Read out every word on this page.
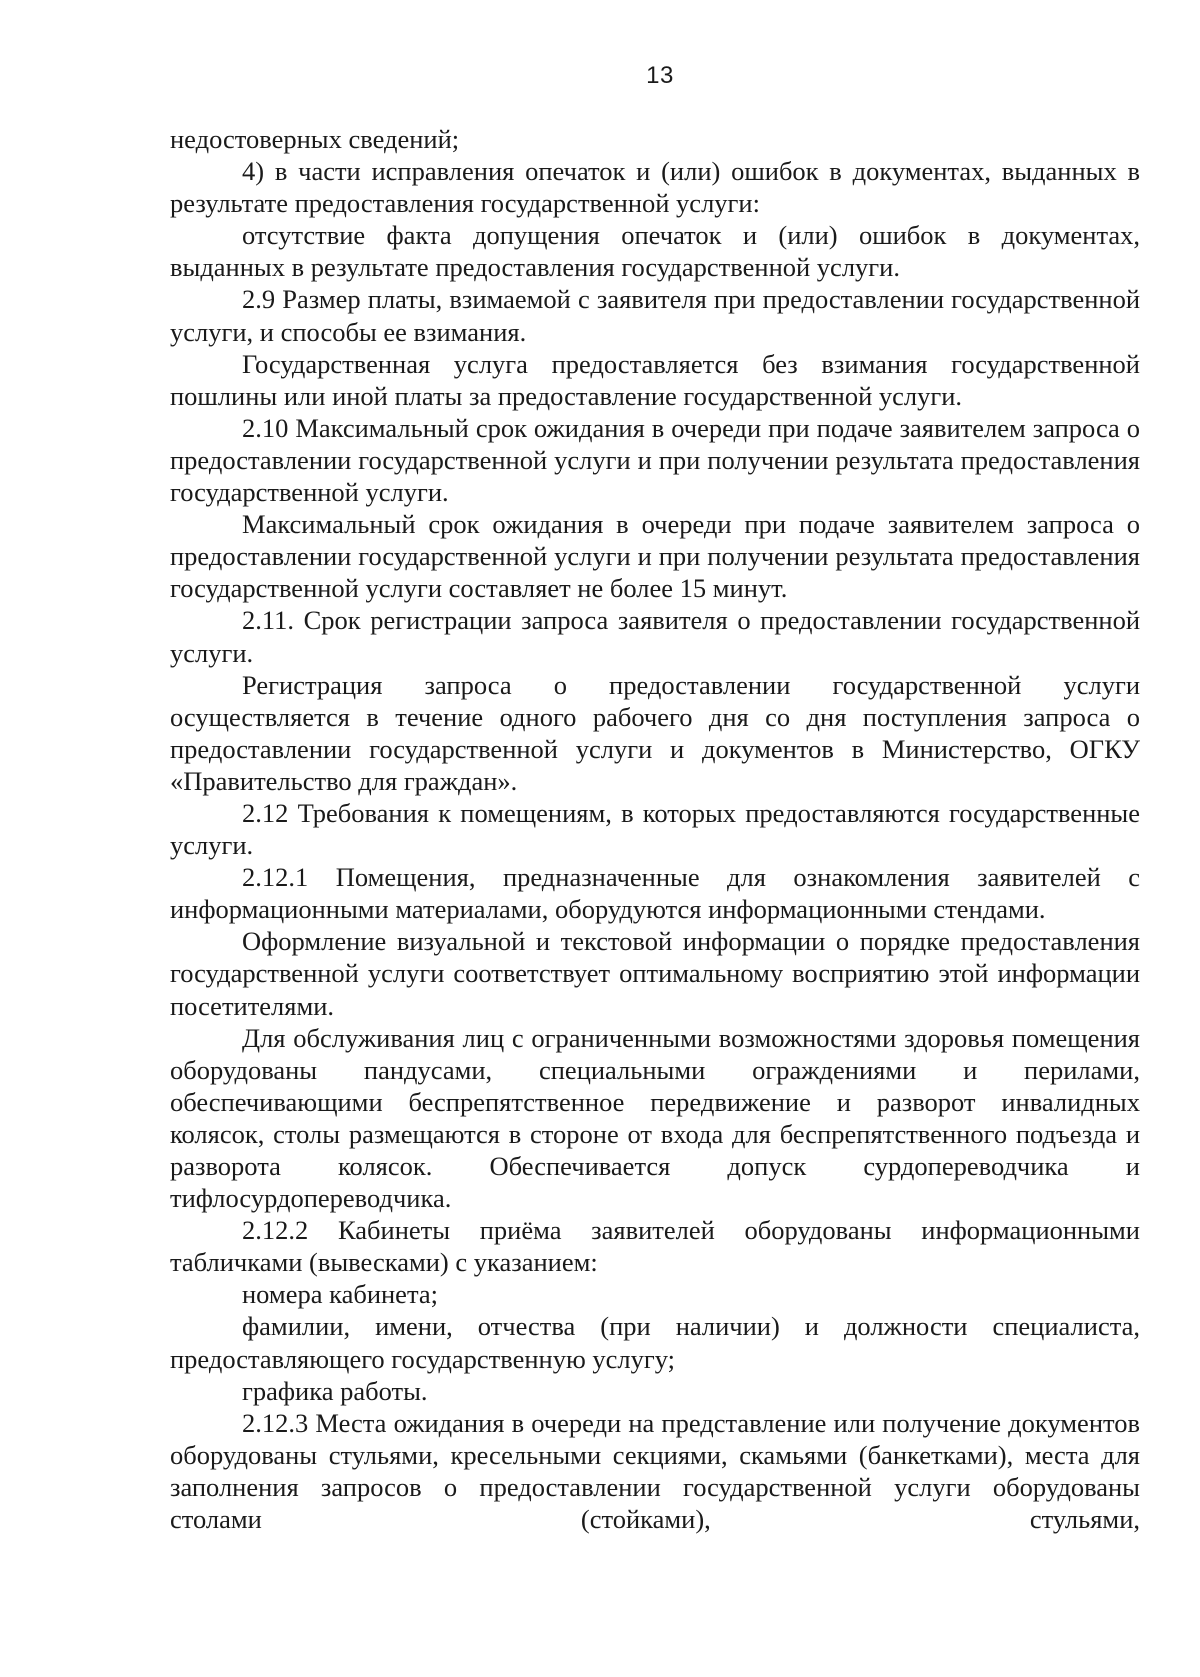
13

недостоверных сведений;

4) в части исправления опечаток и (или) ошибок в документах, выданных в результате предоставления государственной услуги:

отсутствие факта допущения опечаток и (или) ошибок в документах, выданных в результате предоставления государственной услуги.

2.9 Размер платы, взимаемой с заявителя при предоставлении государственной услуги, и способы ее взимания.

Государственная услуга предоставляется без взимания государственной пошлины или иной платы за предоставление государственной услуги.

2.10 Максимальный срок ожидания в очереди при подаче заявителем запроса о предоставлении государственной услуги и при получении результата предоставления государственной услуги.

Максимальный срок ожидания в очереди при подаче заявителем запроса о предоставлении государственной услуги и при получении результата предоставления государственной услуги составляет не более 15 минут.

2.11. Срок регистрации запроса заявителя о предоставлении государственной услуги.

Регистрация запроса о предоставлении государственной услуги осуществляется в течение одного рабочего дня со дня поступления запроса о предоставлении государственной услуги и документов в Министерство, ОГКУ «Правительство для граждан».

2.12 Требования к помещениям, в которых предоставляются государственные услуги.

2.12.1 Помещения, предназначенные для ознакомления заявителей с информационными материалами, оборудуются информационными стендами.

Оформление визуальной и текстовой информации о порядке предоставления государственной услуги соответствует оптимальному восприятию этой информации посетителями.

Для обслуживания лиц с ограниченными возможностями здоровья помещения оборудованы пандусами, специальными ограждениями и перилами, обеспечивающими беспрепятственное передвижение и разворот инвалидных колясок, столы размещаются в стороне от входа для беспрепятственного подъезда и разворота колясок. Обеспечивается допуск сурдопереводчика и тифлосурдопереводчика.

2.12.2 Кабинеты приёма заявителей оборудованы информационными табличками (вывесками) с указанием:

номера кабинета;

фамилии, имени, отчества (при наличии) и должности специалиста, предоставляющего государственную услугу;

графика работы.

2.12.3 Места ожидания в очереди на представление или получение документов оборудованы стульями, кресельными секциями, скамьями (банкетками), места для заполнения запросов о предоставлении государственной услуги оборудованы столами (стойками), стульями,
